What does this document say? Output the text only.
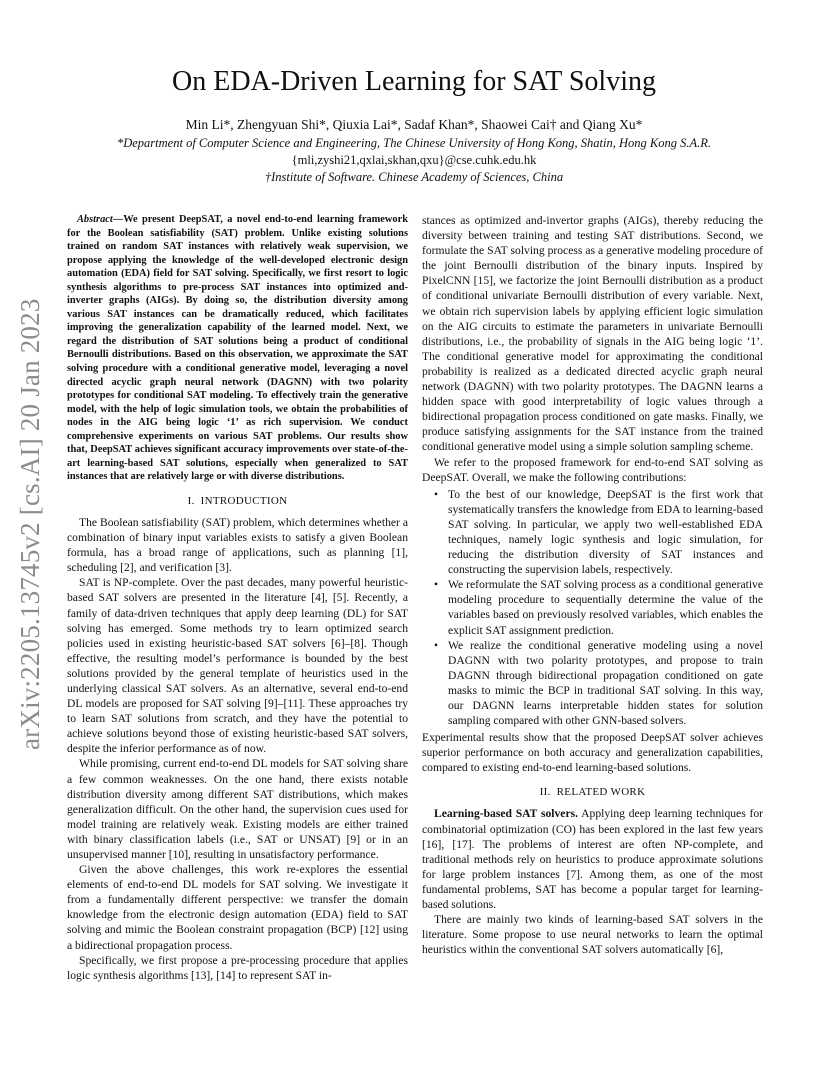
arXiv:2205.13745v2 [cs.AI] 20 Jan 2023
On EDA-Driven Learning for SAT Solving
Min Li*, Zhengyuan Shi*, Qiuxia Lai*, Sadaf Khan*, Shaowei Cai† and Qiang Xu*
*Department of Computer Science and Engineering, The Chinese University of Hong Kong, Shatin, Hong Kong S.A.R.
{mli,zyshi21,qxlai,skhan,qxu}@cse.cuhk.edu.hk
†Institute of Software. Chinese Academy of Sciences, China
Abstract—We present DeepSAT, a novel end-to-end learning framework for the Boolean satisfiability (SAT) problem. Unlike existing solutions trained on random SAT instances with relatively weak supervision, we propose applying the knowledge of the well-developed electronic design automation (EDA) field for SAT solving. Specifically, we first resort to logic synthesis algorithms to pre-process SAT instances into optimized and-inverter graphs (AIGs). By doing so, the distribution diversity among various SAT instances can be dramatically reduced, which facilitates improving the generalization capability of the learned model. Next, we regard the distribution of SAT solutions being a product of conditional Bernoulli distributions. Based on this observation, we approximate the SAT solving procedure with a conditional generative model, leveraging a novel directed acyclic graph neural network (DAGNN) with two polarity prototypes for conditional SAT modeling. To effectively train the generative model, with the help of logic simulation tools, we obtain the probabilities of nodes in the AIG being logic ‘1’ as rich supervision. We conduct comprehensive experiments on various SAT problems. Our results show that, DeepSAT achieves significant accuracy improvements over state-of-the-art learning-based SAT solutions, especially when generalized to SAT instances that are relatively large or with diverse distributions.
I. INTRODUCTION

The Boolean satisfiability (SAT) problem, which determines whether a combination of binary input variables exists to satisfy a given Boolean formula, has a broad range of applications, such as planning [1], scheduling [2], and verification [3].

SAT is NP-complete. Over the past decades, many powerful heuristic-based SAT solvers are presented in the literature [4], [5]. Recently, a family of data-driven techniques that apply deep learning (DL) for SAT solving has emerged. Some methods try to learn optimized search policies used in existing heuristic-based SAT solvers [6]–[8]. Though effective, the resulting model’s performance is bounded by the best solutions provided by the general template of heuristics used in the underlying classical SAT solvers. As an alternative, several end-to-end DL models are proposed for SAT solving [9]–[11]. These approaches try to learn SAT solutions from scratch, and they have the potential to achieve solutions beyond those of existing heuristic-based SAT solvers, despite the inferior performance as of now.

While promising, current end-to-end DL models for SAT solving share a few common weaknesses. On the one hand, there exists notable distribution diversity among different SAT distributions, which makes generalization difficult. On the other hand, the supervision cues used for model training are relatively weak. Existing models are either trained with binary classification labels (i.e., SAT or UNSAT) [9] or in an unsupervised manner [10], resulting in unsatisfactory performance.

Given the above challenges, this work re-explores the essential elements of end-to-end DL models for SAT solving. We investigate it from a fundamentally different perspective: we transfer the domain knowledge from the electronic design automation (EDA) field to SAT solving and mimic the Boolean constraint propagation (BCP) [12] using a bidirectional propagation process.

Specifically, we first propose a pre-processing procedure that applies logic synthesis algorithms [13], [14] to represent SAT in-

stances as optimized and-invertor graphs (AIGs), thereby reducing the diversity between training and testing SAT distributions. Second, we formulate the SAT solving process as a generative modeling procedure of the joint Bernoulli distribution of the binary inputs. Inspired by PixelCNN [15], we factorize the joint Bernoulli distribution as a product of conditional univariate Bernoulli distribution of every variable. Next, we obtain rich supervision labels by applying efficient logic simulation on the AIG circuits to estimate the parameters in univariate Bernoulli distributions, i.e., the probability of signals in the AIG being logic ‘1’. The conditional generative model for approximating the conditional probability is realized as a dedicated directed acyclic graph neural network (DAGNN) with two polarity prototypes. The DAGNN learns a hidden space with good interpretability of logic values through a bidirectional propagation process conditioned on gate masks. Finally, we produce satisfying assignments for the SAT instance from the trained conditional generative model using a simple solution sampling scheme.

We refer to the proposed framework for end-to-end SAT solving as DeepSAT. Overall, we make the following contributions:

• To the best of our knowledge, DeepSAT is the first work that systematically transfers the knowledge from EDA to learning-based SAT solving. In particular, we apply two well-established EDA techniques, namely logic synthesis and logic simulation, for reducing the distribution diversity of SAT instances and constructing the supervision labels, respectively.
• We reformulate the SAT solving process as a conditional generative modeling procedure to sequentially determine the value of the variables based on previously resolved variables, which enables the explicit SAT assignment prediction.
• We realize the conditional generative modeling using a novel DAGNN with two polarity prototypes, and propose to train DAGNN through bidirectional propagation conditioned on gate masks to mimic the BCP in traditional SAT solving. In this way, our DAGNN learns interpretable hidden states for solution sampling compared with other GNN-based solvers.

Experimental results show that the proposed DeepSAT solver achieves superior performance on both accuracy and generalization capabilities, compared to existing end-to-end learning-based solutions.

II. RELATED WORK

Learning-based SAT solvers. Applying deep learning techniques for combinatorial optimization (CO) has been explored in the last few years [16], [17]. The problems of interest are often NP-complete, and traditional methods rely on heuristics to produce approximate solutions for large problem instances [7]. Among them, as one of the most fundamental problems, SAT has become a popular target for learning-based solutions.

There are mainly two kinds of learning-based SAT solvers in the literature. Some propose to use neural networks to learn the optimal heuristics within the conventional SAT solvers automatically [6],
